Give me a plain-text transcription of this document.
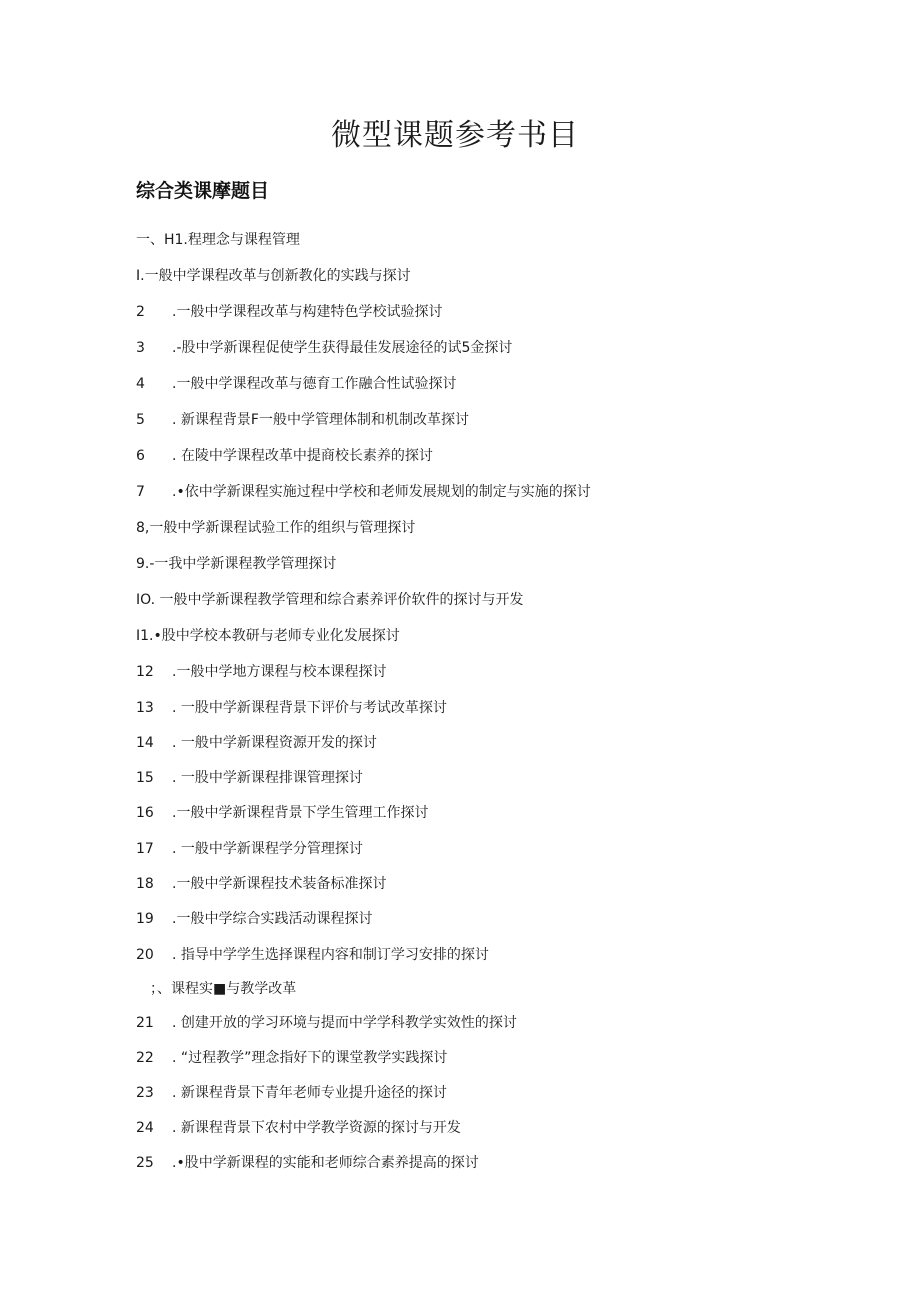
微型课题参考书目
综合类课摩题目
一、H1.程理念与课程管理
I.一般中学课程改革与创新教化的实践与探讨
2 .一般中学课程改革与构建特色学校试验探讨
3 .-股中学新课程促使学生获得最佳发展途径的试5金探讨
4 .一般中学课程改革与德育工作融合性试验探讨
5 . 新课程背景F一般中学管理体制和机制改革探讨
6 . 在陵中学课程改革中提商校长素养的探讨
7 .•依中学新课程实施过程中学校和老师发展规划的制定与实施的探讨
8,一般中学新课程试验工作的组织与管理探讨
9.-一我中学新课程教学管理探讨
IO. 一般中学新课程教学管理和综合素养评价软件的探讨与开发
I1.•股中学校本教研与老师专业化发展探讨
12 .一般中学地方课程与校本课程探讨
13 . 一股中学新课程背景下评价与考试改革探讨
14 . 一般中学新课程资源开发的探讨
15 . 一股中学新课程排课管理探讨
16 .一般中学新课程背景下学生管理工作探讨
17 . 一般中学新课程学分管理探讨
18 .一般中学新课程技术装备标准探讨
19 .一般中学综合实践活动课程探讨
20 . 指导中学学生选择课程内容和制订学习安排的探讨
；、课程实■与教学改革
21 . 创建开放的学习环境与提而中学学科教学实效性的探讨
22 . “过程教学”理念指好下的课堂教学实践探讨
23 . 新课程背景下青年老师专业提升途径的探讨
24 . 新课程背景下农村中学教学资源的探讨与开发
25 .•股中学新课程的实能和老师综合素养提高的探讨
